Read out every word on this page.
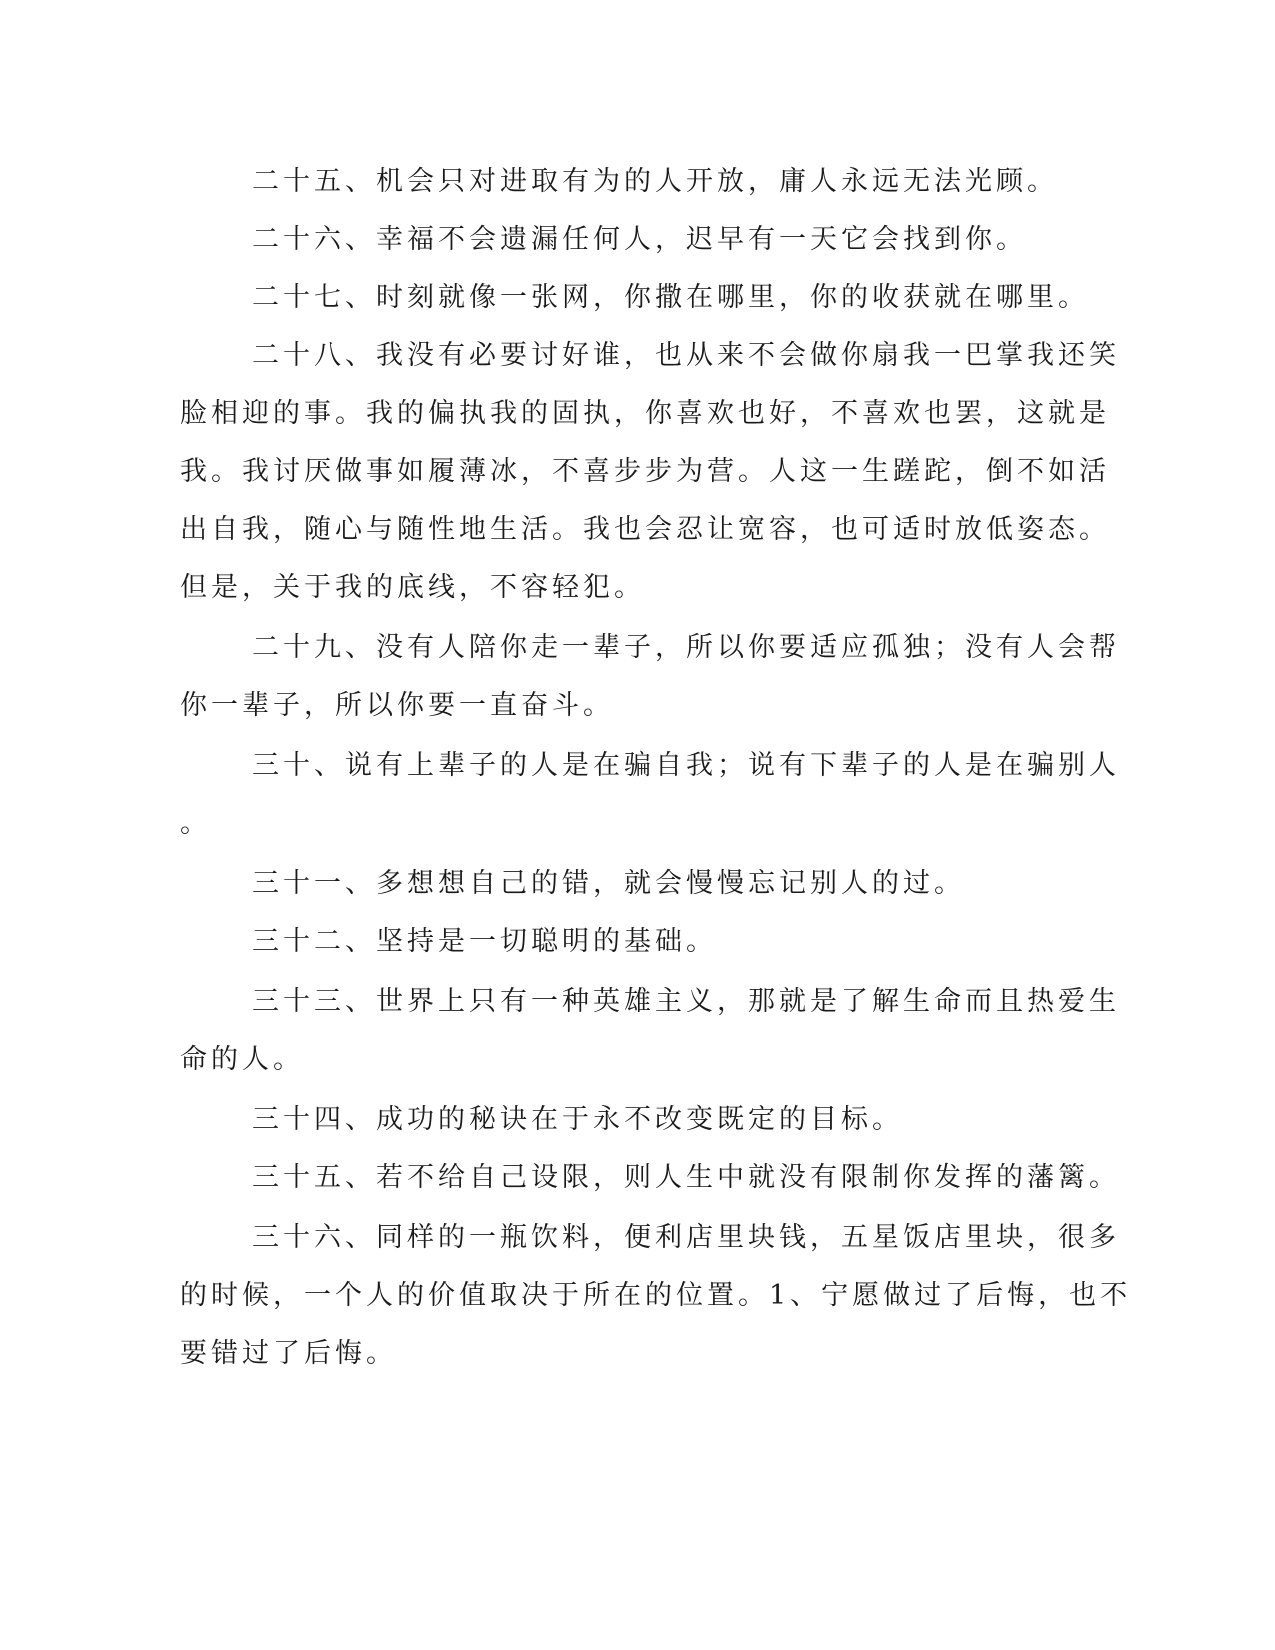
二十五、机会只对进取有为的人开放，庸人永远无法光顾。
二十六、幸福不会遗漏任何人，迟早有一天它会找到你。
二十七、时刻就像一张网，你撒在哪里，你的收获就在哪里。
二十八、我没有必要讨好谁，也从来不会做你扇我一巴掌我还笑
脸相迎的事。我的偏执我的固执，你喜欢也好，不喜欢也罢，这就是
我。我讨厌做事如履薄冰，不喜步步为营。人这一生蹉跎，倒不如活
出自我，随心与随性地生活。我也会忍让宽容，也可适时放低姿态。
但是，关于我的底线，不容轻犯。
二十九、没有人陪你走一辈子，所以你要适应孤独；没有人会帮
你一辈子，所以你要一直奋斗。
三十、说有上辈子的人是在骗自我；说有下辈子的人是在骗别人
。
三十一、多想想自己的错，就会慢慢忘记别人的过。
三十二、坚持是一切聪明的基础。
三十三、世界上只有一种英雄主义，那就是了解生命而且热爱生
命的人。
三十四、成功的秘诀在于永不改变既定的目标。
三十五、若不给自己设限，则人生中就没有限制你发挥的藩篱。
三十六、同样的一瓶饮料，便利店里块钱，五星饭店里块，很多
的时候，一个人的价值取决于所在的位置。1、宁愿做过了后悔，也不
要错过了后悔。
